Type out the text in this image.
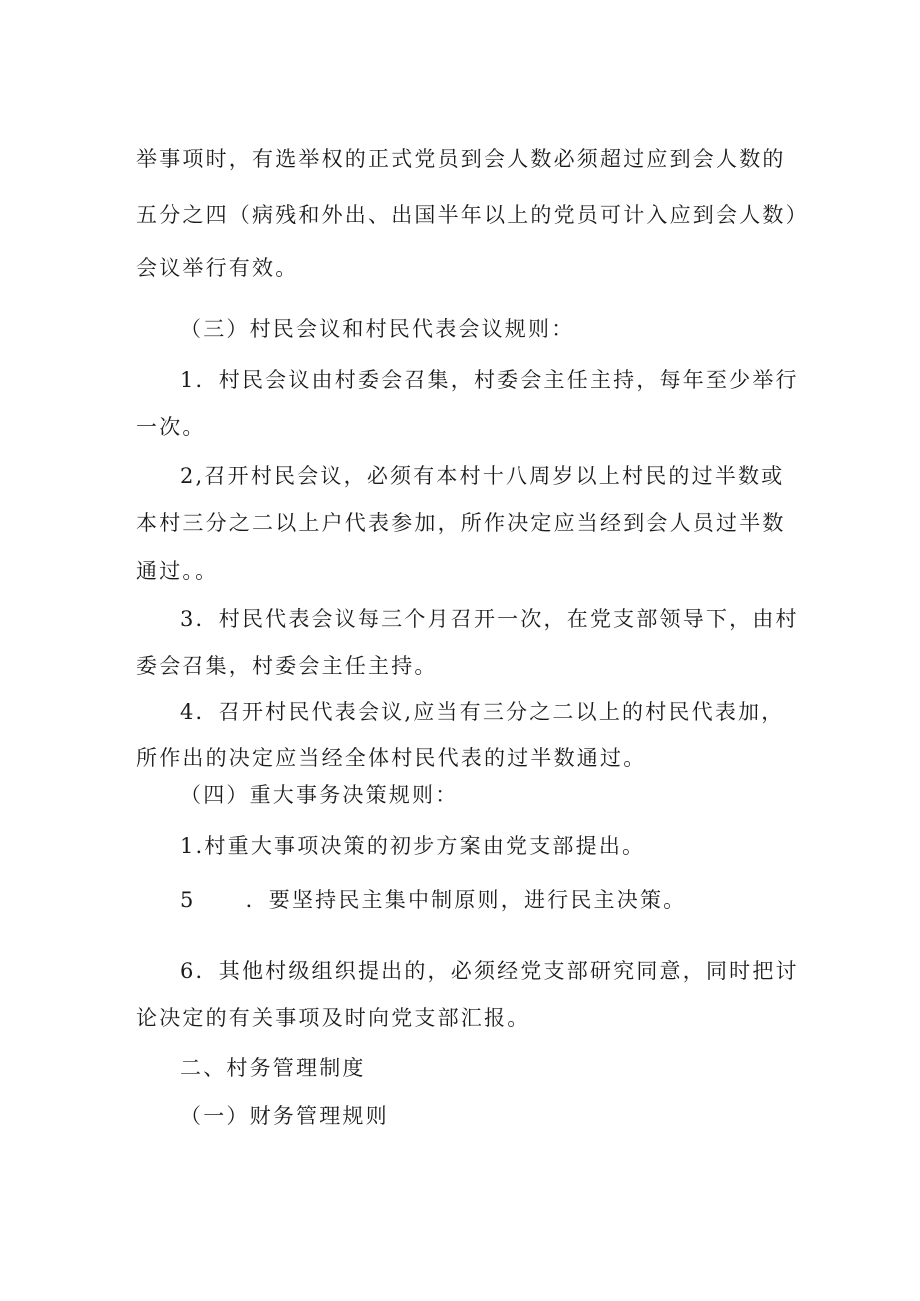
举事项时，有选举权的正式党员到会人数必须超过应到会人数的
五分之四（病残和外出、出国半年以上的党员可计入应到会人数）
会议举行有效。
（三）村民会议和村民代表会议规则：
1．村民会议由村委会召集，村委会主任主持，每年至少举行
一次。
2,召开村民会议，必须有本村十八周岁以上村民的过半数或
本村三分之二以上户代表参加，所作决定应当经到会人员过半数
通过。。
3．村民代表会议每三个月召开一次，在党支部领导下，由村
委会召集，村委会主任主持。
4．召开村民代表会议,应当有三分之二以上的村民代表加，
所作出的决定应当经全体村民代表的过半数通过。
（四）重大事务决策规则：
1.村重大事项决策的初步方案由党支部提出。
5 ．要坚持民主集中制原则，进行民主决策。
6．其他村级组织提出的，必须经党支部研究同意，同时把讨
论决定的有关事项及时向党支部汇报。
二、村务管理制度
（一）财务管理规则
